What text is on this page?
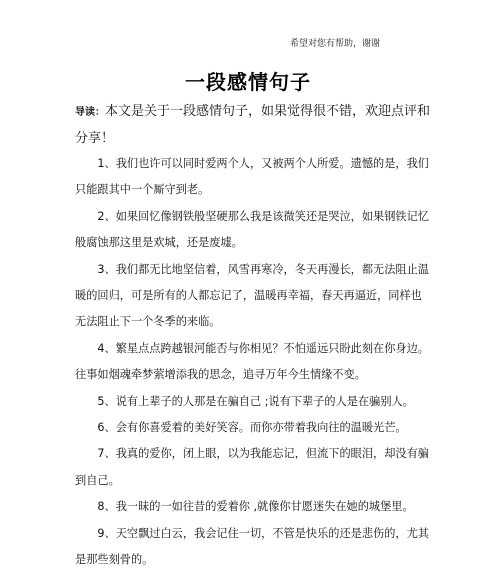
希望对您有帮助，谢谢
一段感情句子
导读：本文是关于一段感情句子，如果觉得很不错，欢迎点评和分享！

1、我们也许可以同时爱两个人，又被两个人所爱。遗憾的是，我们只能跟其中一个厮守到老。

2、如果回忆像钢铁般坚硬那么我是该微笑还是哭泣，如果钢铁记忆般腐蚀那这里是欢城，还是废墟。

3、我们都无比地坚信着，风雪再寒冷，冬天再漫长，都无法阻止温暖的回归，可是所有的人都忘记了，温暖再幸福，春天再逼近，同样也无法阻止下一个冬季的来临。

4、繁星点点跨越银河能否与你相见？不怕遥远只盼此刻在你身边。往事如烟魂牵梦萦增添我的思念，追寻万年今生情缘不变。

5、说有上辈子的人那是在骗自己 ;说有下辈子的人是在骗别人。

6、会有你喜爱着的美好笑容。而你亦带着我向往的温暖光芒。

7、我真的爱你，闭上眼，以为我能忘记，但流下的眼泪，却没有骗到自己。

8、我一昧的一如往昔的爱着你 ,就像你甘愿迷失在她的城堡里。

9、天空飘过白云，我会记住一切，不管是快乐的还是悲伤的，尤其是那些刻骨的。
